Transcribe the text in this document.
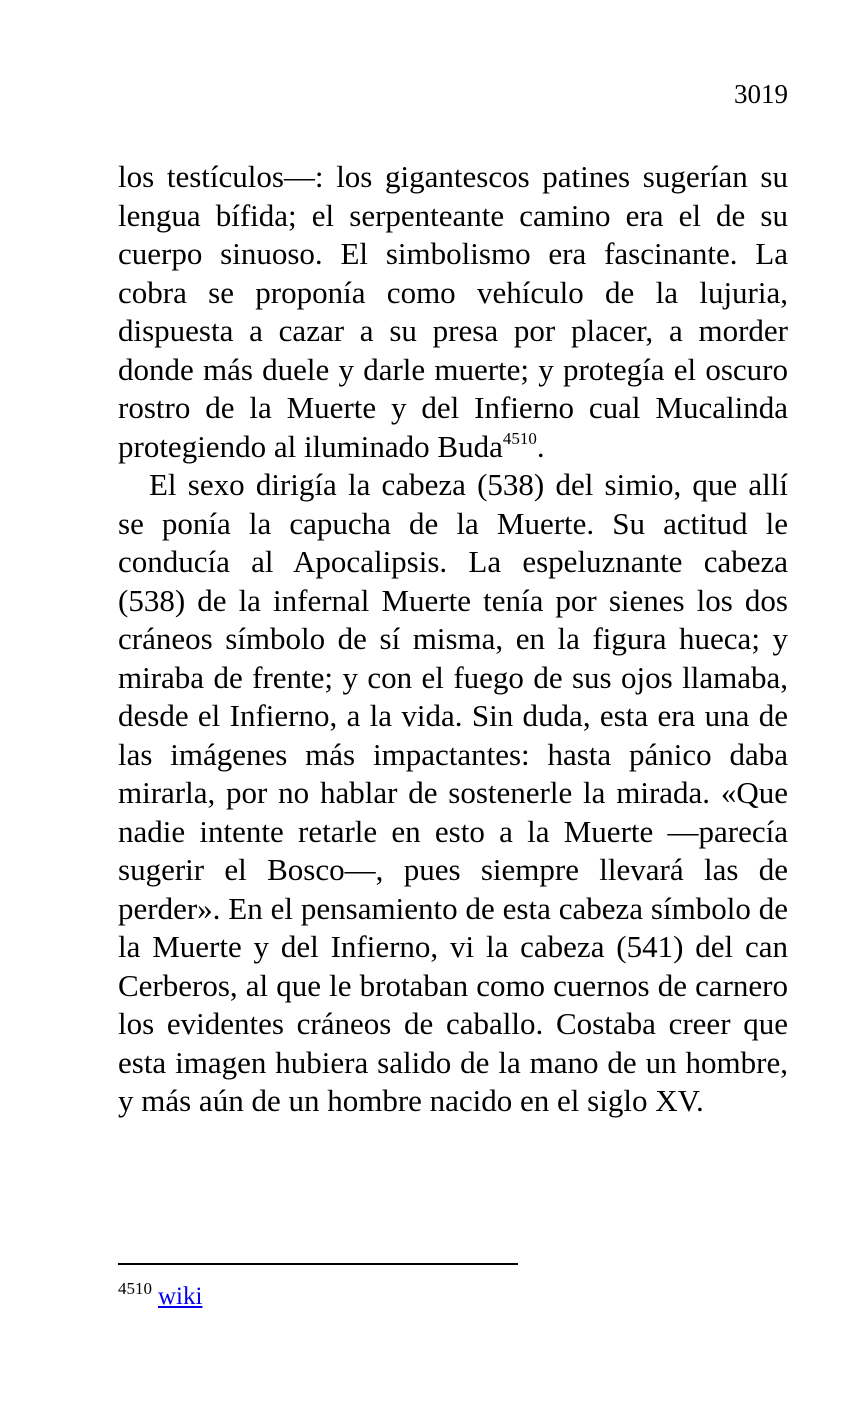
3019

los testículos—: los gigantescos patines sugerían su lengua bífida; el serpenteante camino era el de su cuerpo sinuoso. El simbolismo era fascinante. La cobra se proponía como vehículo de la lujuria, dispuesta a cazar a su presa por placer, a morder donde más duele y darle muerte; y protegía el oscuro rostro de la Muerte y del Infierno cual Mucalinda protegiendo al iluminado Buda$^{4510}$.

El sexo dirigía la cabeza (538) del simio, que allí se ponía la capucha de la Muerte. Su actitud le conducía al Apocalipsis. La espeluznante cabeza (538) de la infernal Muerte tenía por sienes los dos cráneos símbolo de sí misma, en la figura hueca; y miraba de frente; y con el fuego de sus ojos llamaba, desde el Infierno, a la vida. Sin duda, esta era una de las imágenes más impactantes: hasta pánico daba mirarla, por no hablar de sostenerle la mirada. «Que nadie intente retarle en esto a la Muerte —parecía sugerir el Bosco—, pues siempre llevará las de perder». En el pensamiento de esta cabeza símbolo de la Muerte y del Infierno, vi la cabeza (541) del can Cerberos, al que le brotaban como cuernos de carnero los evidentes cráneos de caballo. Costaba creer que esta imagen hubiera salido de la mano de un hombre, y más aún de un hombre nacido en el siglo XV.

$^{4510}$ wiki
